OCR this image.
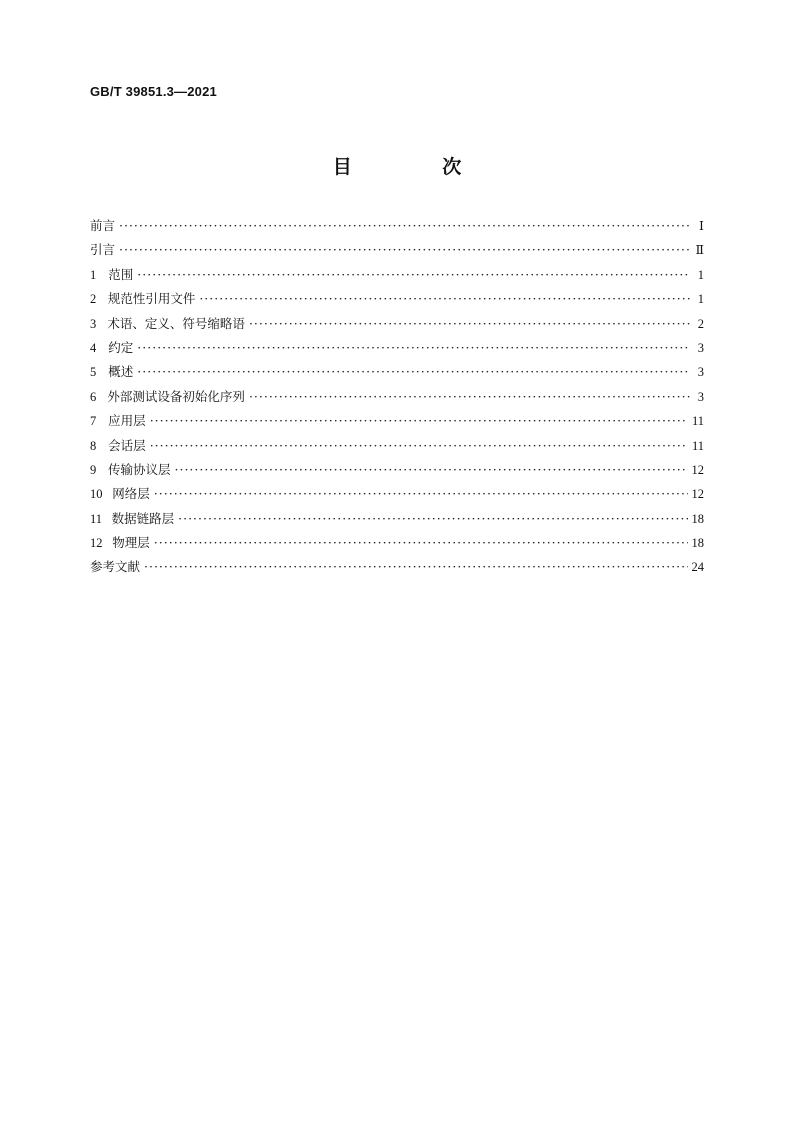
GB/T 39851.3—2021
目 次
前言 ·····	Ⅰ
引言 ·····	Ⅱ
1 范围 ·····	1
2 规范性引用文件 ·····	1
3 术语、定义、符号缩略语 ·····	2
4 约定 ·····	3
5 概述 ·····	3
6 外部测试设备初始化序列 ·····	3
7 应用层 ·····	11
8 会话层 ·····	11
9 传输协议层 ·····	12
10 网络层 ·····	12
11 数据链路层 ·····	18
12 物理层 ·····	18
参考文献 ·····	24
